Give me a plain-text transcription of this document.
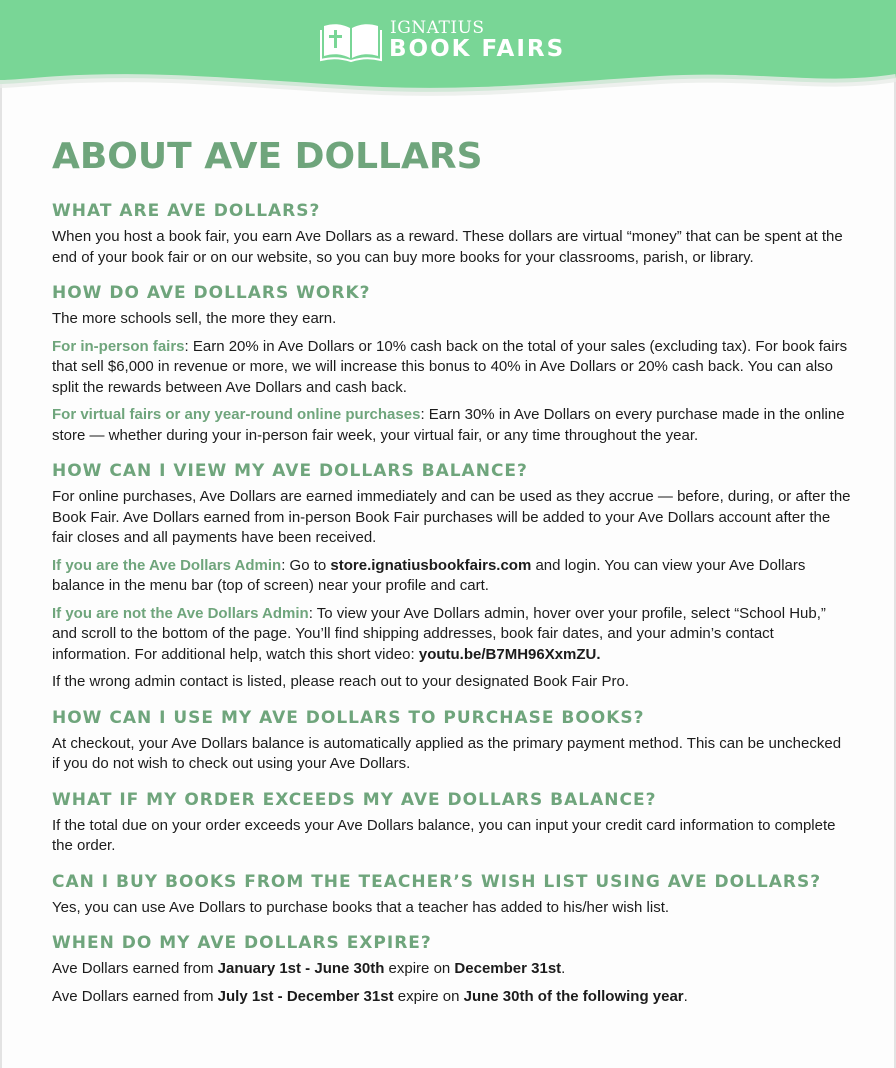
IGNATIUS
BOOK FAIRS
ABOUT AVE DOLLARS
WHAT ARE AVE DOLLARS?

When you host a book fair, you earn Ave Dollars as a reward. These dollars are virtual “money” that can be spent at the end of your book fair or on our website, so you can buy more books for your classrooms, parish, or library.

HOW DO AVE DOLLARS WORK?

The more schools sell, the more they earn.

For in-person fairs: Earn 20% in Ave Dollars or 10% cash back on the total of your sales (excluding tax). For book fairs that sell $6,000 in revenue or more, we will increase this bonus to 40% in Ave Dollars or 20% cash back. You can also split the rewards between Ave Dollars and cash back.

For virtual fairs or any year-round online purchases: Earn 30% in Ave Dollars on every purchase made in the online store — whether during your in-person fair week, your virtual fair, or any time throughout the year.

HOW CAN I VIEW MY AVE DOLLARS BALANCE?

For online purchases, Ave Dollars are earned immediately and can be used as they accrue — before, during, or after the Book Fair. Ave Dollars earned from in-person Book Fair purchases will be added to your Ave Dollars account after the fair closes and all payments have been received.

If you are the Ave Dollars Admin: Go to store.ignatiusbookfairs.com and login. You can view your Ave Dollars balance in the menu bar (top of screen) near your profile and cart.

If you are not the Ave Dollars Admin: To view your Ave Dollars admin, hover over your profile, select “School Hub,” and scroll to the bottom of the page. You’ll find shipping addresses, book fair dates, and your admin’s contact information. For additional help, watch this short video: youtu.be/B7MH96XxmZU.

If the wrong admin contact is listed, please reach out to your designated Book Fair Pro.

HOW CAN I USE MY AVE DOLLARS TO PURCHASE BOOKS?

At checkout, your Ave Dollars balance is automatically applied as the primary payment method. This can be unchecked if you do not wish to check out using your Ave Dollars.

WHAT IF MY ORDER EXCEEDS MY AVE DOLLARS BALANCE?

If the total due on your order exceeds your Ave Dollars balance, you can input your credit card information to complete the order.

CAN I BUY BOOKS FROM THE TEACHER’S WISH LIST USING AVE DOLLARS?

Yes, you can use Ave Dollars to purchase books that a teacher has added to his/her wish list.

WHEN DO MY AVE DOLLARS EXPIRE?

Ave Dollars earned from January 1st - June 30th expire on December 31st.

Ave Dollars earned from July 1st - December 31st expire on June 30th of the following year.
